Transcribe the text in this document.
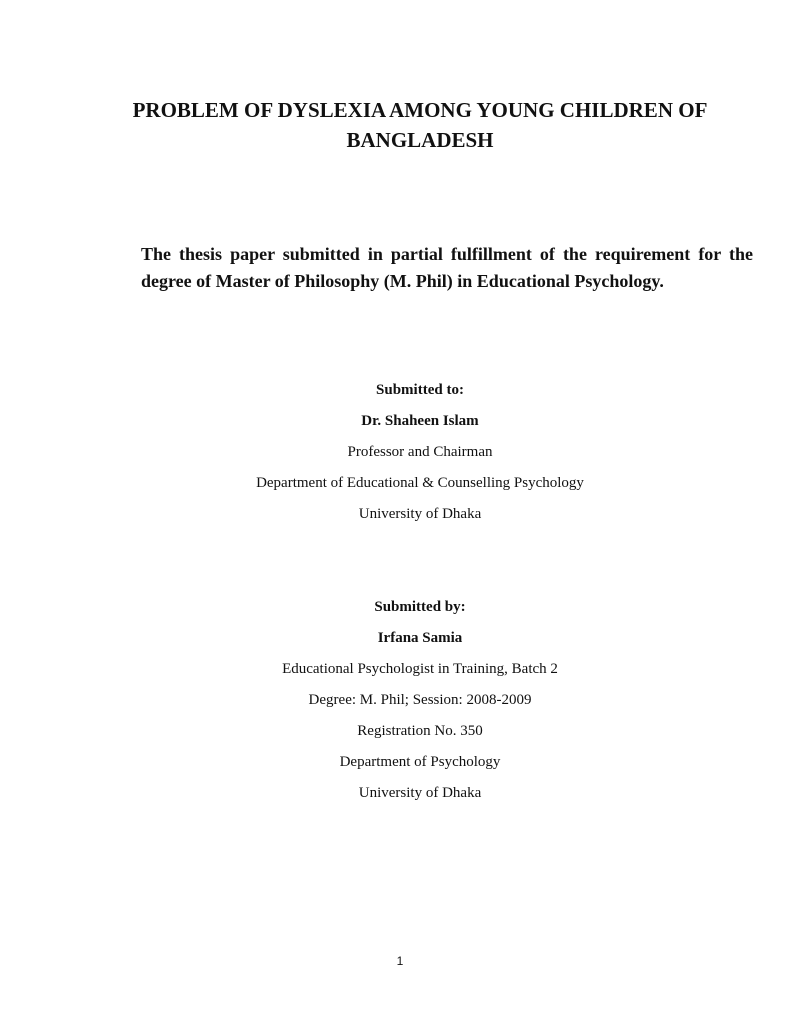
PROBLEM OF DYSLEXIA AMONG YOUNG CHILDREN OF
BANGLADESH
The thesis paper submitted in partial fulfillment of the requirement for the degree of Master of Philosophy (M. Phil) in Educational Psychology.
Submitted to:
Dr. Shaheen Islam
Professor and Chairman
Department of Educational & Counselling Psychology
University of Dhaka
Submitted by:
Irfana Samia
Educational Psychologist in Training, Batch 2
Degree: M. Phil; Session: 2008-2009
Registration No. 350
Department of Psychology
University of Dhaka
1
